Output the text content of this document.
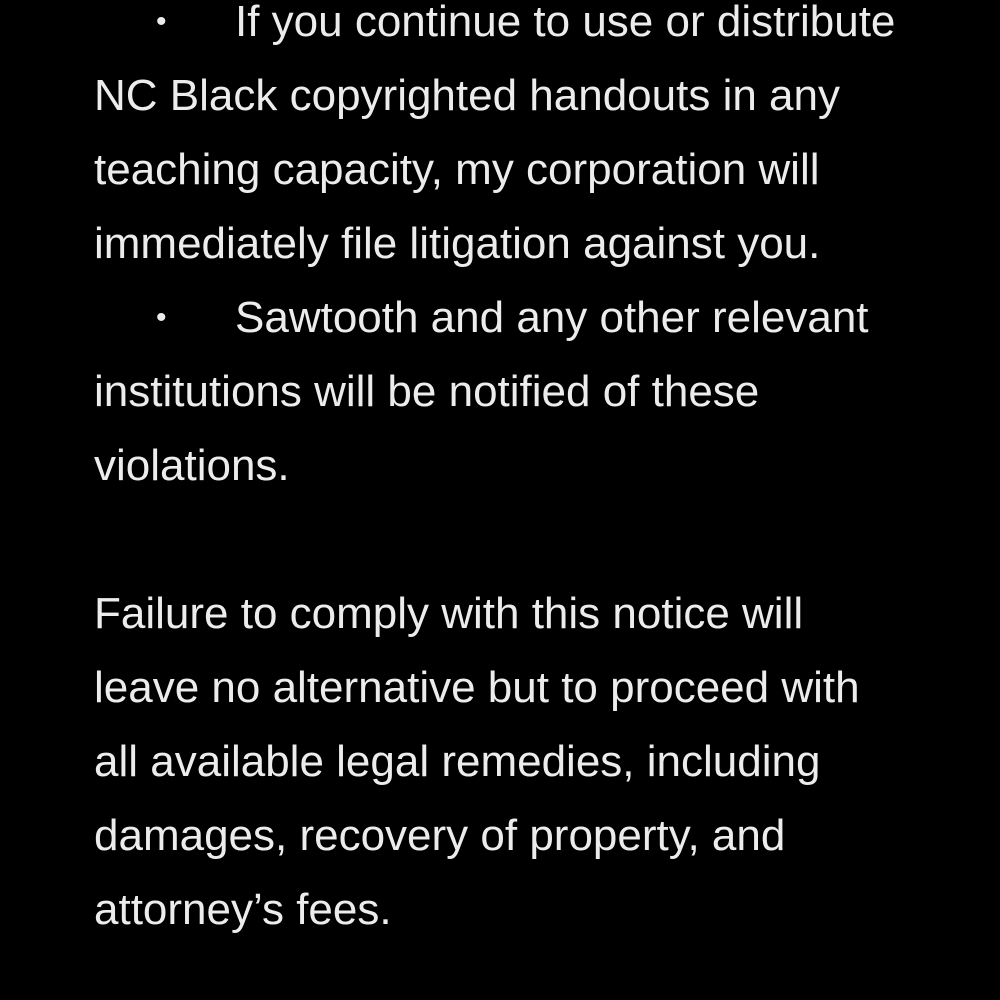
• If you continue to use or distribute
NC Black copyrighted handouts in any
teaching capacity, my corporation will
immediately file litigation against you.
• Sawtooth and any other relevant
institutions will be notified of these
violations.
Failure to comply with this notice will
leave no alternative but to proceed with
all available legal remedies, including
damages, recovery of property, and
attorney’s fees.
